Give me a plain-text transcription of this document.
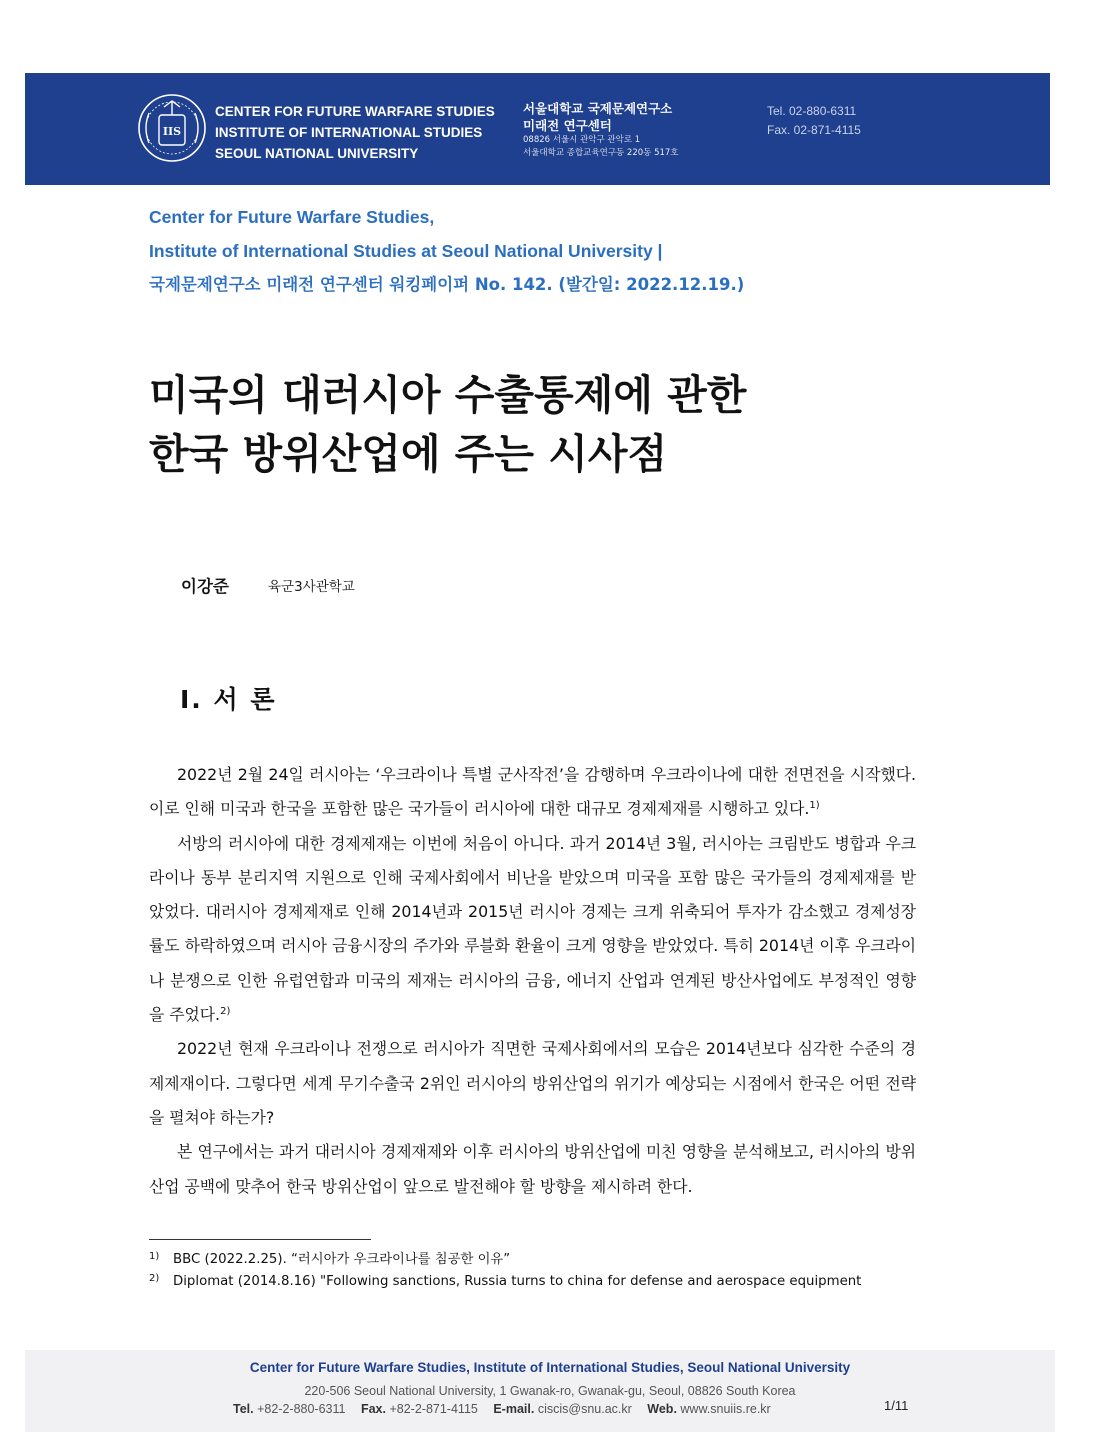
IIS
CENTER FOR FUTURE WARFARE STUDIES
INSTITUTE OF INTERNATIONAL STUDIES
SEOUL NATIONAL UNIVERSITY
서울대학교 국제문제연구소
미래전 연구센터
08826 서울시 관악구 관악로 1
서울대학교 종합교육연구동 220동 517호
Tel. 02-880-6311
Fax. 02-871-4115
Center for Future Warfare Studies,
Institute of International Studies at Seoul National University |
국제문제연구소 미래전 연구센터 워킹페이퍼 No. 142. (발간일: 2022.12.19.)
미국의 대러시아 수출통제에 관한
한국 방위산업에 주는 시사점
이강준	육군3사관학교
Ⅰ. 서 론

2022년 2월 24일 러시아는 ‘우크라이나 특별 군사작전’을 감행하며 우크라이나에 대한 전면전을 시작했다. 이로 인해 미국과 한국을 포함한 많은 국가들이 러시아에 대한 대규모 경제제재를 시행하고 있다.$^{1)}$

서방의 러시아에 대한 경제제재는 이번에 처음이 아니다. 과거 2014년 3월, 러시아는 크림반도 병합과 우크라이나 동부 분리지역 지원으로 인해 국제사회에서 비난을 받았으며 미국을 포함 많은 국가들의 경제제재를 받았었다. 대러시아 경제제재로 인해 2014년과 2015년 러시아 경제는 크게 위축되어 투자가 감소했고 경제성장률도 하락하였으며 러시아 금융시장의 주가와 루블화 환율이 크게 영향을 받았었다. 특히 2014년 이후 우크라이나 분쟁으로 인한 유럽연합과 미국의 제재는 러시아의 금융, 에너지 산업과 연계된 방산사업에도 부정적인 영향을 주었다.$^{2)}$

2022년 현재 우크라이나 전쟁으로 러시아가 직면한 국제사회에서의 모습은 2014년보다 심각한 수준의 경제제재이다. 그렇다면 세계 무기수출국 2위인 러시아의 방위산업의 위기가 예상되는 시점에서 한국은 어떤 전략을 펼쳐야 하는가?

본 연구에서는 과거 대러시아 경제재제와 이후 러시아의 방위산업에 미친 영향을 분석해보고, 러시아의 방위산업 공백에 맞추어 한국 방위산업이 앞으로 발전해야 할 방향을 제시하려 한다.

1) BBC (2022.2.25). “러시아가 우크라이나를 침공한 이유”
2) Diplomat (2014.8.16) "Following sanctions, Russia turns to china for defense and aerospace equipment
Center for Future Warfare Studies, Institute of International Studies, Seoul National University
220-506 Seoul National University, 1 Gwanak-ro, Gwanak-gu, Seoul, 08826 South Korea
Tel. +82-2-880-6311 Fax. +82-2-871-4115 E-mail. ciscis@snu.ac.kr Web. www.snuiis.re.kr	1/11
